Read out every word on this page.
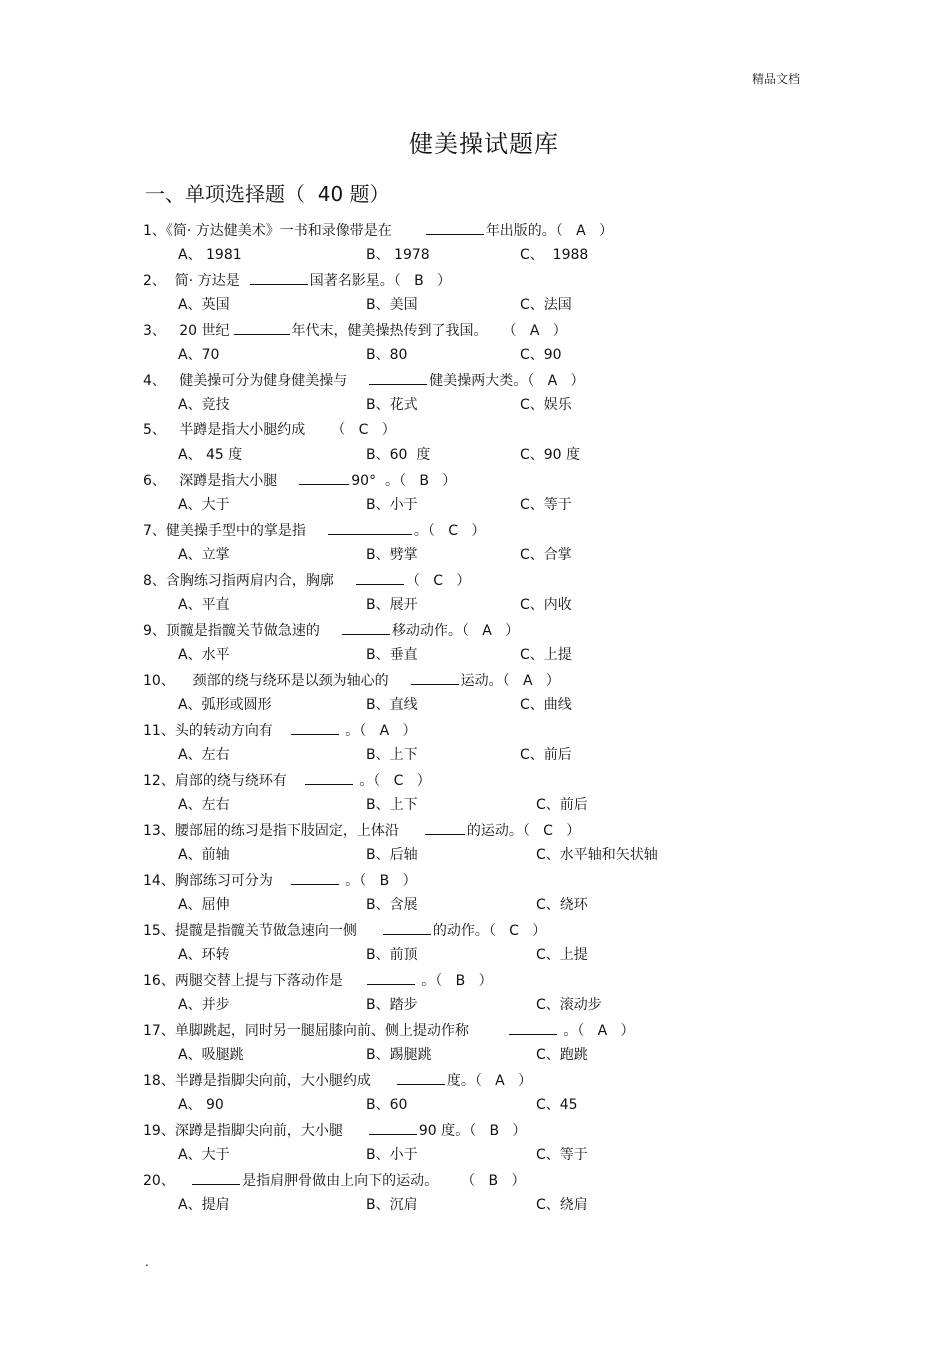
精品文档
健美操试题库
一、单项选择题（  40 题）
1、《简· 方达健美术》一书和录像带是在	年出版的。（   A   ）
A、 1981	B、 1978	C、  1988
2、  简· 方达是	国著名影星。（   B   ）
A、英国	B、美国	C、法国
3、   20 世纪	年代末，健美操热传到了我国。 （   A   ）
A、70	B、80	C、90
4、   健美操可分为健身健美操与	健美操两大类。（   A   ）
A、竞技	B、花式	C、娱乐
5、   半蹲是指大小腿约成 （   C   ）
A、 45 度	B、60  度	C、90 度
6、   深蹲是指大小腿	90°  。（   B   ）
A、大于	B、小于	C、等于
7、健美操手型中的掌是指	。（   C   ）
A、立掌	B、劈掌	C、合掌
8、含胸练习指两肩内合，胸廓	（   C   ）
A、平直	B、展开	C、内收
9、顶髋是指髋关节做急速的	移动动作。（   A   ）
A、水平	B、垂直	C、上提
10、    颈部的绕与绕环是以颈为轴心的	运动。（   A   ）
A、弧形或圆形	B、直线	C、曲线
11、头的转动方向有	。（   A   ）
A、左右	B、上下	C、前后
12、肩部的绕与绕环有	。（   C   ）
A、左右	B、上下	C、前后
13、腰部屈的练习是指下肢固定，上体沿	的运动。（   C   ）
A、前轴	B、后轴	C、水平轴和矢状轴
14、胸部练习可分为	。（   B   ）
A、屈伸	B、含展	C、绕环
15、提髋是指髋关节做急速向一侧	的动作。（   C   ）
A、环转	B、前顶	C、上提
16、两腿交替上提与下落动作是	。（   B   ）
A、并步	B、踏步	C、滚动步
17、单脚跳起，同时另一腿屈膝向前、侧上提动作称	。（   A   ）
A、吸腿跳	B、踢腿跳	C、跑跳
18、半蹲是指脚尖向前，大小腿约成	度。（   A   ）
A、 90	B、60	C、45
19、深蹲是指脚尖向前，大小腿	90 度。（   B   ）
A、大于	B、小于	C、等于
20、	是指肩胛骨做由上向下的运动。 （   B   ）
A、提肩	B、沉肩	C、绕肩
.
